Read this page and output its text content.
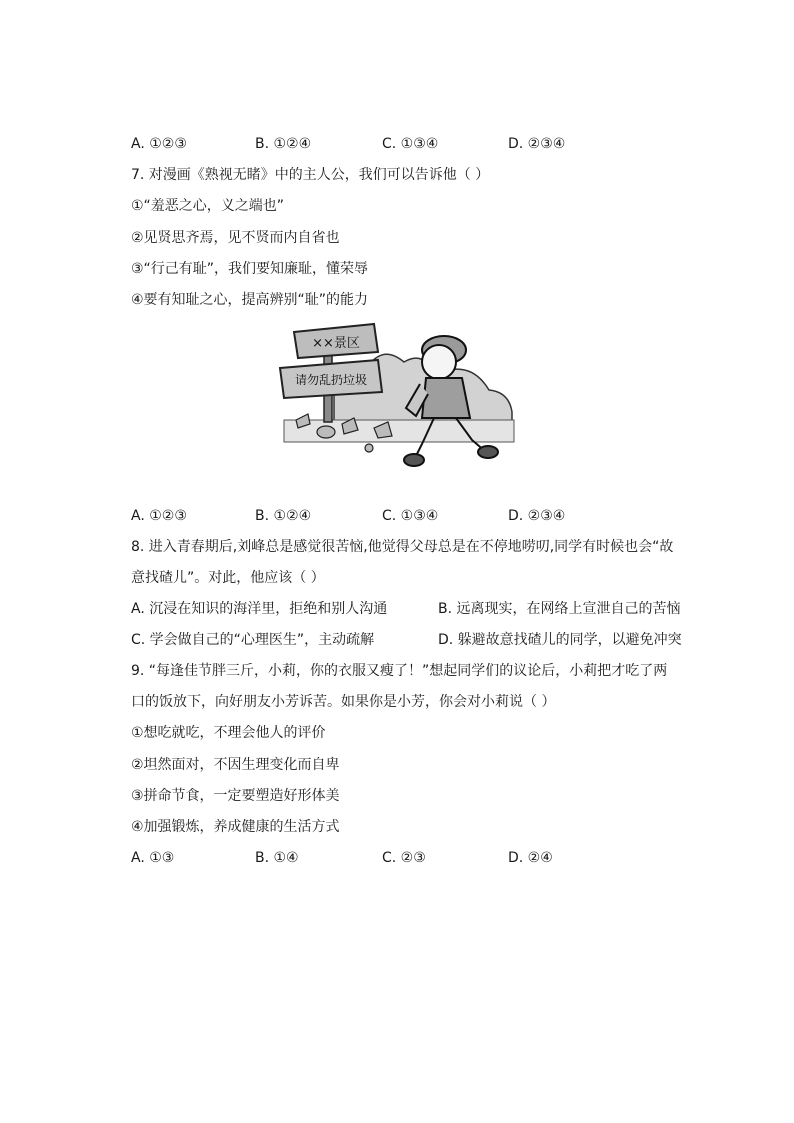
A. ①②③	B. ①②④	C. ①③④	D. ②③④
7. 对漫画《熟视无睹》中的主人公，我们可以告诉他（ ）
①“羞恶之心，义之端也”
②见贤思齐焉，见不贤而内自省也
③“行己有耻”，我们要知廉耻，懂荣辱
④要有知耻之心，提高辨别“耻”的能力
××景区
请勿乱扔垃圾
A. ①②③	B. ①②④	C. ①③④	D. ②③④
8. 进入青春期后,刘峰总是感觉很苦恼,他觉得父母总是在不停地唠叨,同学有时候也会“故
意找碴儿”。对此，他应该（ ）
A. 沉浸在知识的海洋里，拒绝和别人沟通	B. 远离现实，在网络上宣泄自己的苦恼
C. 学会做自己的“心理医生”，主动疏解	D. 躲避故意找碴儿的同学，以避免冲突
9. “每逢佳节胖三斤，小莉，你的衣服又瘦了！”想起同学们的议论后，小莉把才吃了两
口的饭放下，向好朋友小芳诉苦。如果你是小芳，你会对小莉说（ ）
①想吃就吃，不理会他人的评价
②坦然面对，不因生理变化而自卑
③拼命节食，一定要塑造好形体美
④加强锻炼，养成健康的生活方式
A. ①③	B. ①④	C. ②③	D. ②④
